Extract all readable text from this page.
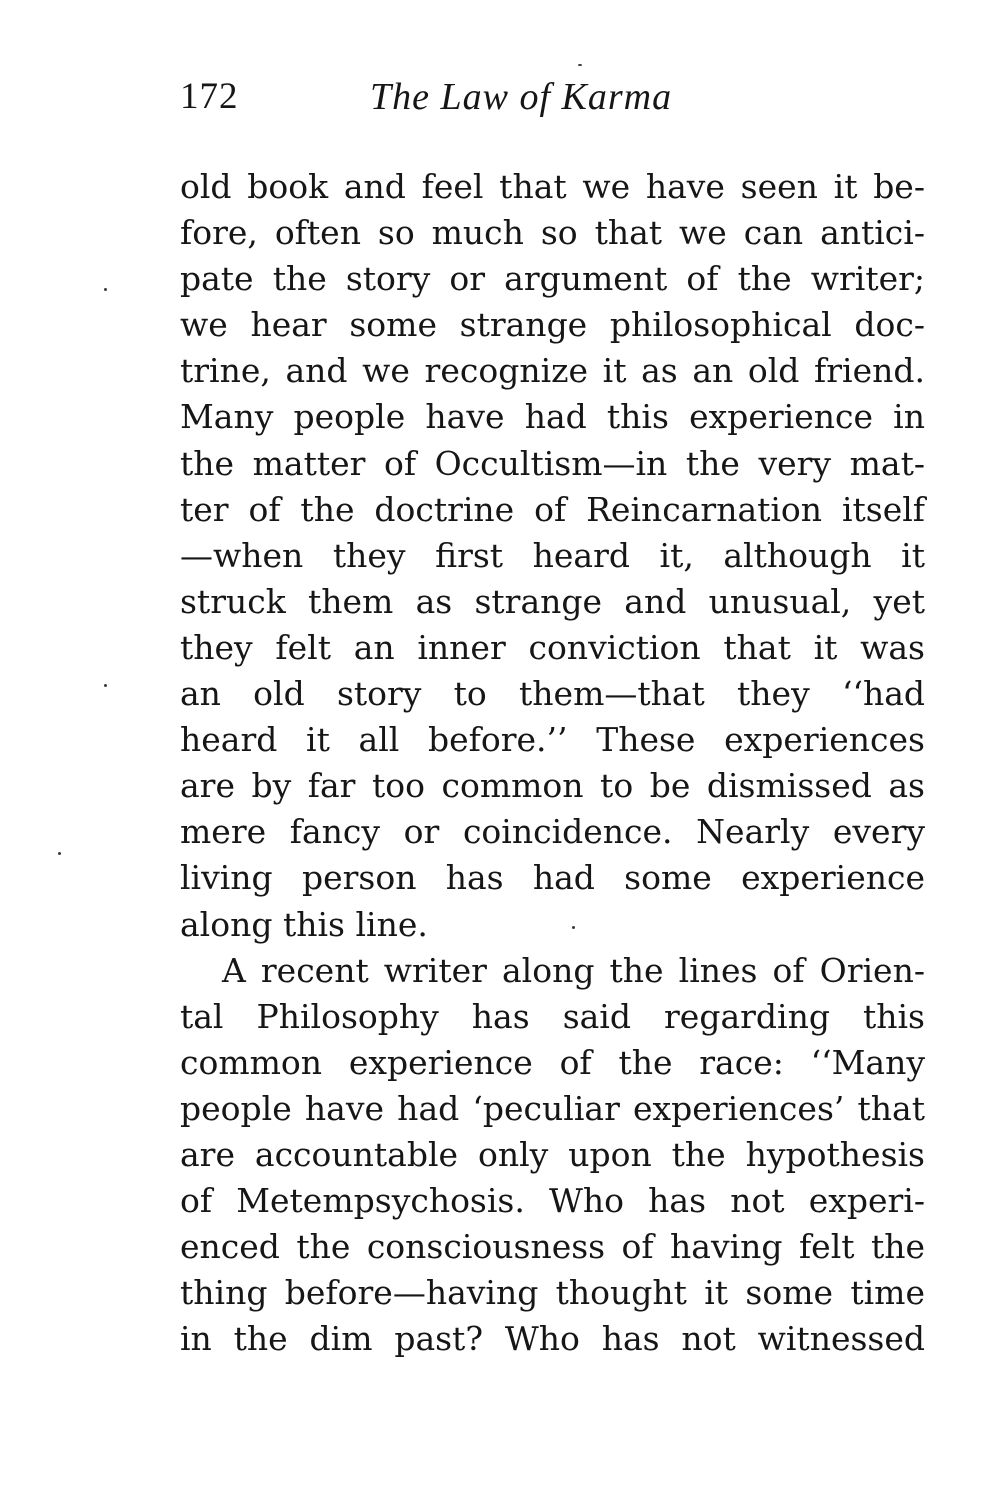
172	The Law of Karma
old book and feel that we have seen it be-
fore, often so much so that we can antici-
pate the story or argument of the writer;
we hear some strange philosophical doc-
trine, and we recognize it as an old friend.
Many people have had this experience in
the matter of Occultism—in the very mat-
ter of the doctrine of Reincarnation itself
—when they first heard it, although it
struck them as strange and unusual, yet
they felt an inner conviction that it was
an old story to them—that they ‘‘had
heard it all before.’’ These experiences
are by far too common to be dismissed as
mere fancy or coincidence. Nearly every
living person has had some experience
along this line.
A recent writer along the lines of Orien-
tal Philosophy has said regarding this
common experience of the race: ‘‘Many
people have had ‘peculiar experiences’ that
are accountable only upon the hypothesis
of Metempsychosis. Who has not experi-
enced the consciousness of having felt the
thing before—having thought it some time
in the dim past? Who has not witnessed
